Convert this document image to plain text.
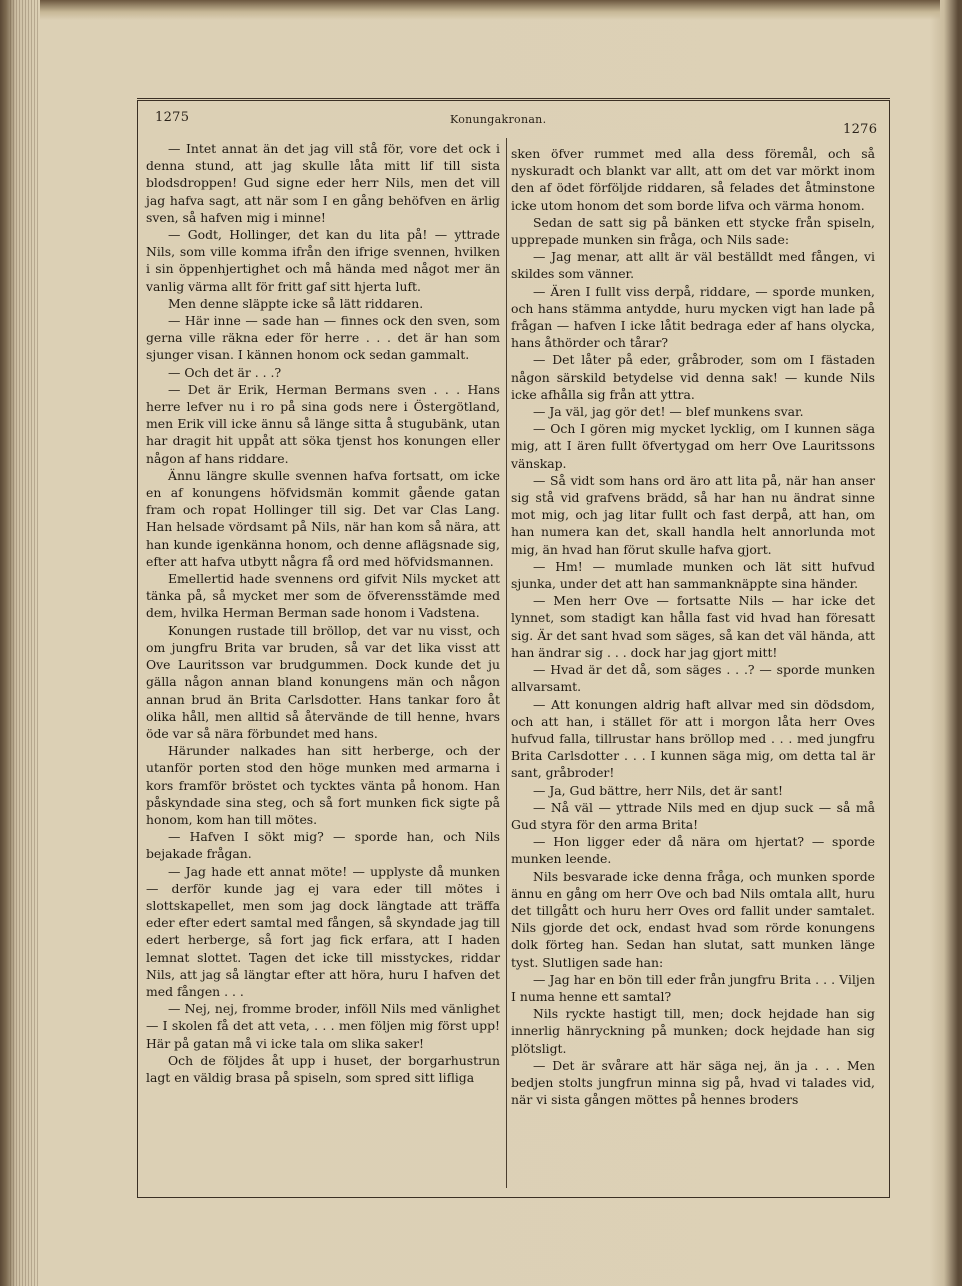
1275	Konungakronan.
1276

— Intet annat än det jag vill stå för, vore det ock i denna stund, att jag skulle låta mitt lif till sista blodsdroppen! Gud signe eder herr Nils, men det vill jag hafva sagt, att när som I en gång behöfven en ärlig sven, så hafven mig i minne!

— Godt, Hollinger, det kan du lita på! — yttrade Nils, som ville komma ifrån den ifrige svennen, hvilken i sin öppenhjertighet och må hända med något mer än vanlig värma allt för fritt gaf sitt hjerta luft.

Men denne släppte icke så lätt riddaren.

— Här inne — sade han — finnes ock den sven, som gerna ville räkna eder för herre . . . det är han som sjunger visan. I kännen honom ock sedan gammalt.

— Och det är . . .?

— Det är Erik, Herman Bermans sven . . . Hans herre lefver nu i ro på sina gods nere i Östergötland, men Erik vill icke ännu så länge sitta å stugubänk, utan har dragit hit uppåt att söka tjenst hos konungen eller någon af hans riddare.

Ännu längre skulle svennen hafva fortsatt, om icke en af konungens höfvidsmän kommit gående gatan fram och ropat Hollinger till sig. Det var Clas Lang. Han helsade vördsamt på Nils, när han kom så nära, att han kunde igenkänna honom, och denne aflägsnade sig, efter att hafva utbytt några få ord med höfvidsmannen.

Emellertid hade svennens ord gifvit Nils mycket att tänka på, så mycket mer som de öfverensstämde med dem, hvilka Herman Berman sade honom i Vadstena.

Konungen rustade till bröllop, det var nu visst, och om jungfru Brita var bruden, så var det lika visst att Ove Lauritsson var brudgummen. Dock kunde det ju gälla någon annan bland konungens män och någon annan brud än Brita Carlsdotter. Hans tankar foro åt olika håll, men alltid så återvände de till henne, hvars öde var så nära förbundet med hans.

Härunder nalkades han sitt herberge, och der utanför porten stod den höge munken med armarna i kors framför bröstet och tycktes vänta på honom. Han påskyndade sina steg, och så fort munken fick sigte på honom, kom han till mötes.

— Hafven I sökt mig? — sporde han, och Nils bejakade frågan.

— Jag hade ett annat möte! — upplyste då munken — derför kunde jag ej vara eder till mötes i slottskapellet, men som jag dock längtade att träffa eder efter edert samtal med fången, så skyndade jag till edert herberge, så fort jag fick erfara, att I haden lemnat slottet. Tagen det icke till misstyckes, riddar Nils, att jag så längtar efter att höra, huru I hafven det med fången . . .

— Nej, nej, fromme broder, inföll Nils med vänlighet — I skolen få det att veta, . . . men följen mig först upp! Här på gatan må vi icke tala om slika saker!

Och de följdes åt upp i huset, der borgarhustrun lagt en väldig brasa på spiseln, som spred sitt lifliga

sken öfver rummet med alla dess föremål, och så nyskuradt och blankt var allt, att om det var mörkt inom den af ödet förföljde riddaren, så felades det åtminstone icke utom honom det som borde lifva och värma honom.

Sedan de satt sig på bänken ett stycke från spiseln, upprepade munken sin fråga, och Nils sade:

— Jag menar, att allt är väl beställdt med fången, vi skildes som vänner.

— Ären I fullt viss derpå, riddare, — sporde munken, och hans stämma antydde, huru mycken vigt han lade på frågan — hafven I icke låtit bedraga eder af hans olycka, hans åthörder och tårar?

— Det låter på eder, gråbroder, som om I fästaden någon särskild betydelse vid denna sak! — kunde Nils icke afhålla sig från att yttra.

— Ja väl, jag gör det! — blef munkens svar.

— Och I gören mig mycket lycklig, om I kunnen säga mig, att I ären fullt öfvertygad om herr Ove Lauritssons vänskap.

— Så vidt som hans ord äro att lita på, när han anser sig stå vid grafvens brädd, så har han nu ändrat sinne mot mig, och jag litar fullt och fast derpå, att han, om han numera kan det, skall handla helt annorlunda mot mig, än hvad han förut skulle hafva gjort.

— Hm! — mumlade munken och lät sitt hufvud sjunka, under det att han sammanknäppte sina händer.

— Men herr Ove — fortsatte Nils — har icke det lynnet, som stadigt kan hålla fast vid hvad han föresatt sig. Är det sant hvad som säges, så kan det väl hända, att han ändrar sig . . . dock har jag gjort mitt!

— Hvad är det då, som säges . . .? — sporde munken allvarsamt.

— Att konungen aldrig haft allvar med sin dödsdom, och att han, i stället för att i morgon låta herr Oves hufvud falla, tillrustar hans bröllop med . . . med jungfru Brita Carlsdotter . . . I kunnen säga mig, om detta tal är sant, gråbroder!

— Ja, Gud bättre, herr Nils, det är sant!

— Nå väl — yttrade Nils med en djup suck — så må Gud styra för den arma Brita!

— Hon ligger eder då nära om hjertat? — sporde munken leende.

Nils besvarade icke denna fråga, och munken sporde ännu en gång om herr Ove och bad Nils omtala allt, huru det tillgått och huru herr Oves ord fallit under samtalet. Nils gjorde det ock, endast hvad som rörde konungens dolk förteg han. Sedan han slutat, satt munken länge tyst. Slutligen sade han:

— Jag har en bön till eder från jungfru Brita . . . Viljen I numa henne ett samtal?

Nils ryckte hastigt till, men; dock hejdade han sig innerlig hänryckning på munken; dock hejdade han sig plötsligt.

— Det är svårare att här säga nej, än ja . . . Men bedjen stolts jungfrun minna sig på, hvad vi talades vid, när vi sista gången möttes på hennes brodеrs
